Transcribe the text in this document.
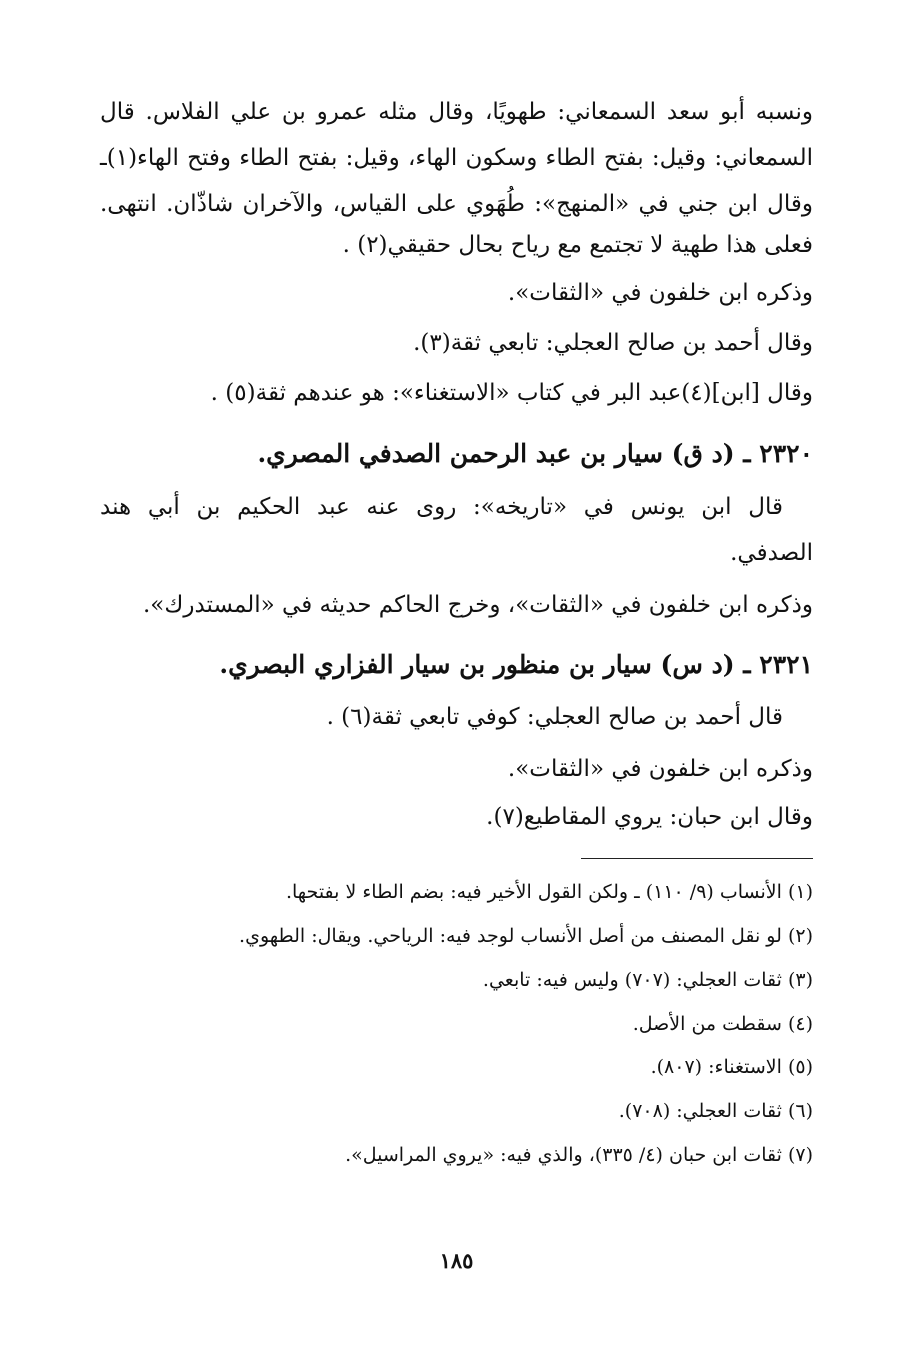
ونسبه أبو سعد السمعاني: طهويًا، وقال مثله عمرو بن علي الفلاس. قال
السمعاني: وقيل: بفتح الطاء وسكون الهاء، وقيل: بفتح الطاء وفتح الهاء(١)ـ
وقال ابن جني في «المنهج»: طُهَوي على القياس، والآخران شاذّان. انتهى.
فعلى هذا طهية لا تجتمع مع رياح بحال حقيقي(٢) .
وذكره ابن خلفون في «الثقات».
وقال أحمد بن صالح العجلي: تابعي ثقة(٣).
وقال [ابن](٤)عبد البر في كتاب «الاستغناء»: هو عندهم ثقة(٥) .
٢٣٢٠ ـ (د ق) سيار بن عبد الرحمن الصدفي المصري.
قال ابن يونس في «تاريخه»: روى عنه عبد الحكيم بن أبي هند
الصدفي.
وذكره ابن خلفون في «الثقات»، وخرج الحاكم حديثه في «المستدرك».
٢٣٢١ ـ (د س) سيار بن منظور بن سيار الفزاري البصري.
قال أحمد بن صالح العجلي: كوفي تابعي ثقة(٦) .
وذكره ابن خلفون في «الثقات».
وقال ابن حبان: يروي المقاطيع(٧).
(١) الأنساب (٩/ ١١٠) ـ ولكن القول الأخير فيه: بضم الطاء لا بفتحها.
(٢) لو نقل المصنف من أصل الأنساب لوجد فيه: الرياحي. ويقال: الطهوي.
(٣) ثقات العجلي: (٧٠٧) وليس فيه: تابعي.
(٤) سقطت من الأصل.
(٥) الاستغناء: (٨٠٧).
(٦) ثقات العجلي: (٧٠٨).
(٧) ثقات ابن حبان (٤/ ٣٣٥)، والذي فيه: «يروي المراسيل».
١٨٥
